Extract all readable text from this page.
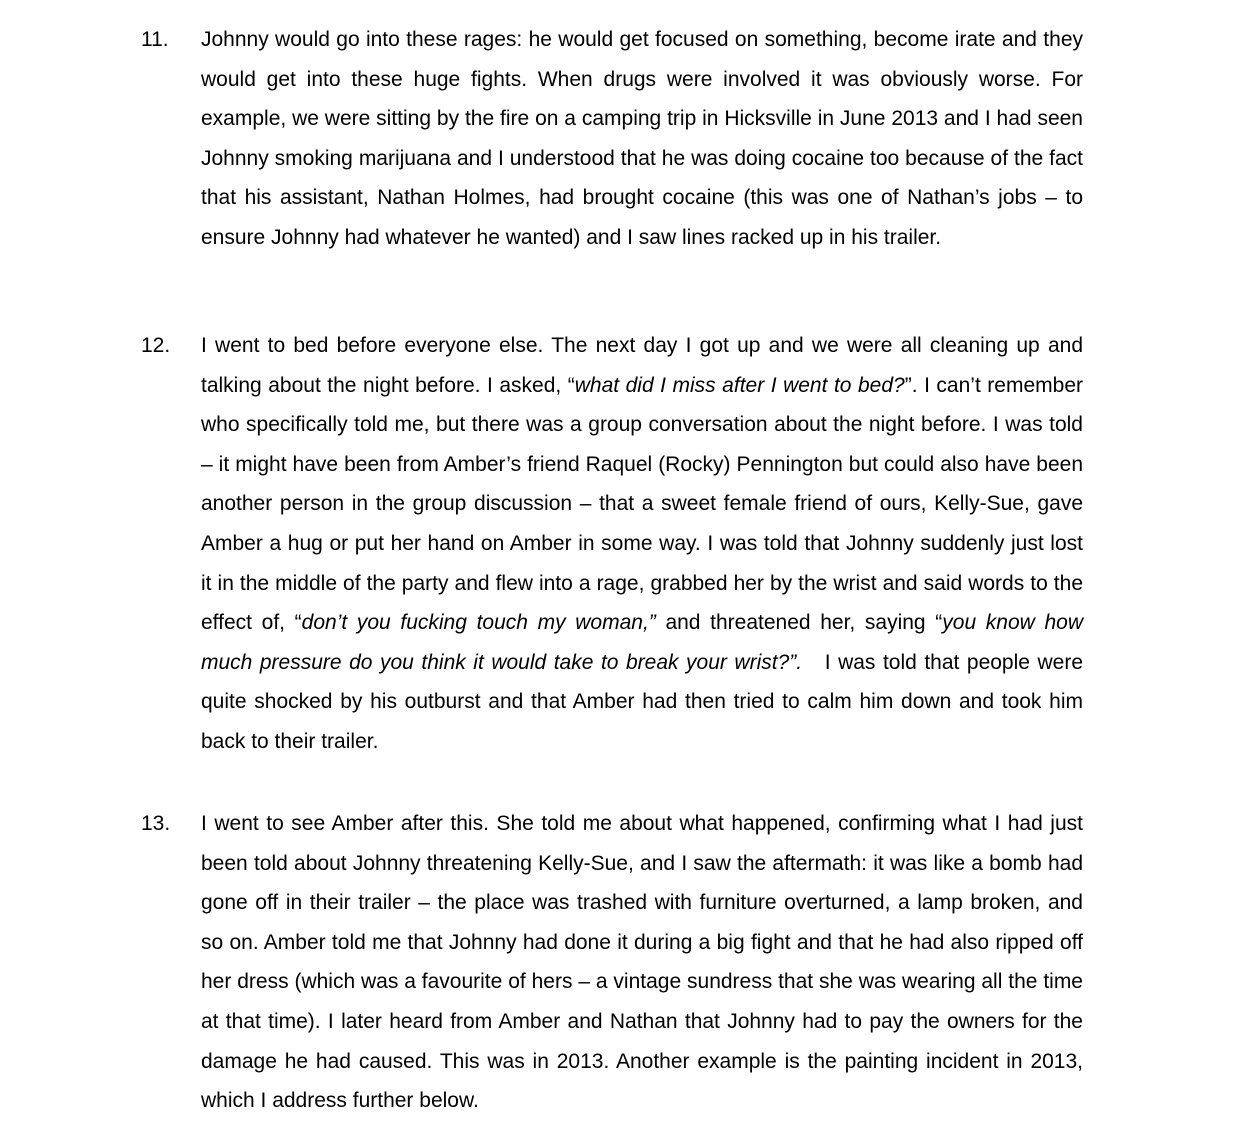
11. Johnny would go into these rages: he would get focused on something, become irate and they would get into these huge fights. When drugs were involved it was obviously worse. For example, we were sitting by the fire on a camping trip in Hicksville in June 2013 and I had seen Johnny smoking marijuana and I understood that he was doing cocaine too because of the fact that his assistant, Nathan Holmes, had brought cocaine (this was one of Nathan’s jobs – to ensure Johnny had whatever he wanted) and I saw lines racked up in his trailer.
12. I went to bed before everyone else. The next day I got up and we were all cleaning up and talking about the night before. I asked, “what did I miss after I went to bed?”. I can’t remember who specifically told me, but there was a group conversation about the night before. I was told – it might have been from Amber’s friend Raquel (Rocky) Pennington but could also have been another person in the group discussion – that a sweet female friend of ours, Kelly-Sue, gave Amber a hug or put her hand on Amber in some way. I was told that Johnny suddenly just lost it in the middle of the party and flew into a rage, grabbed her by the wrist and said words to the effect of, “don’t you fucking touch my woman,” and threatened her, saying “you know how much pressure do you think it would take to break your wrist?”.   I was told that people were quite shocked by his outburst and that Amber had then tried to calm him down and took him back to their trailer.
13. I went to see Amber after this. She told me about what happened, confirming what I had just been told about Johnny threatening Kelly-Sue, and I saw the aftermath: it was like a bomb had gone off in their trailer – the place was trashed with furniture overturned, a lamp broken, and so on. Amber told me that Johnny had done it during a big fight and that he had also ripped off her dress (which was a favourite of hers – a vintage sundress that she was wearing all the time at that time). I later heard from Amber and Nathan that Johnny had to pay the owners for the damage he had caused. This was in 2013. Another example is the painting incident in 2013, which I address further below.
